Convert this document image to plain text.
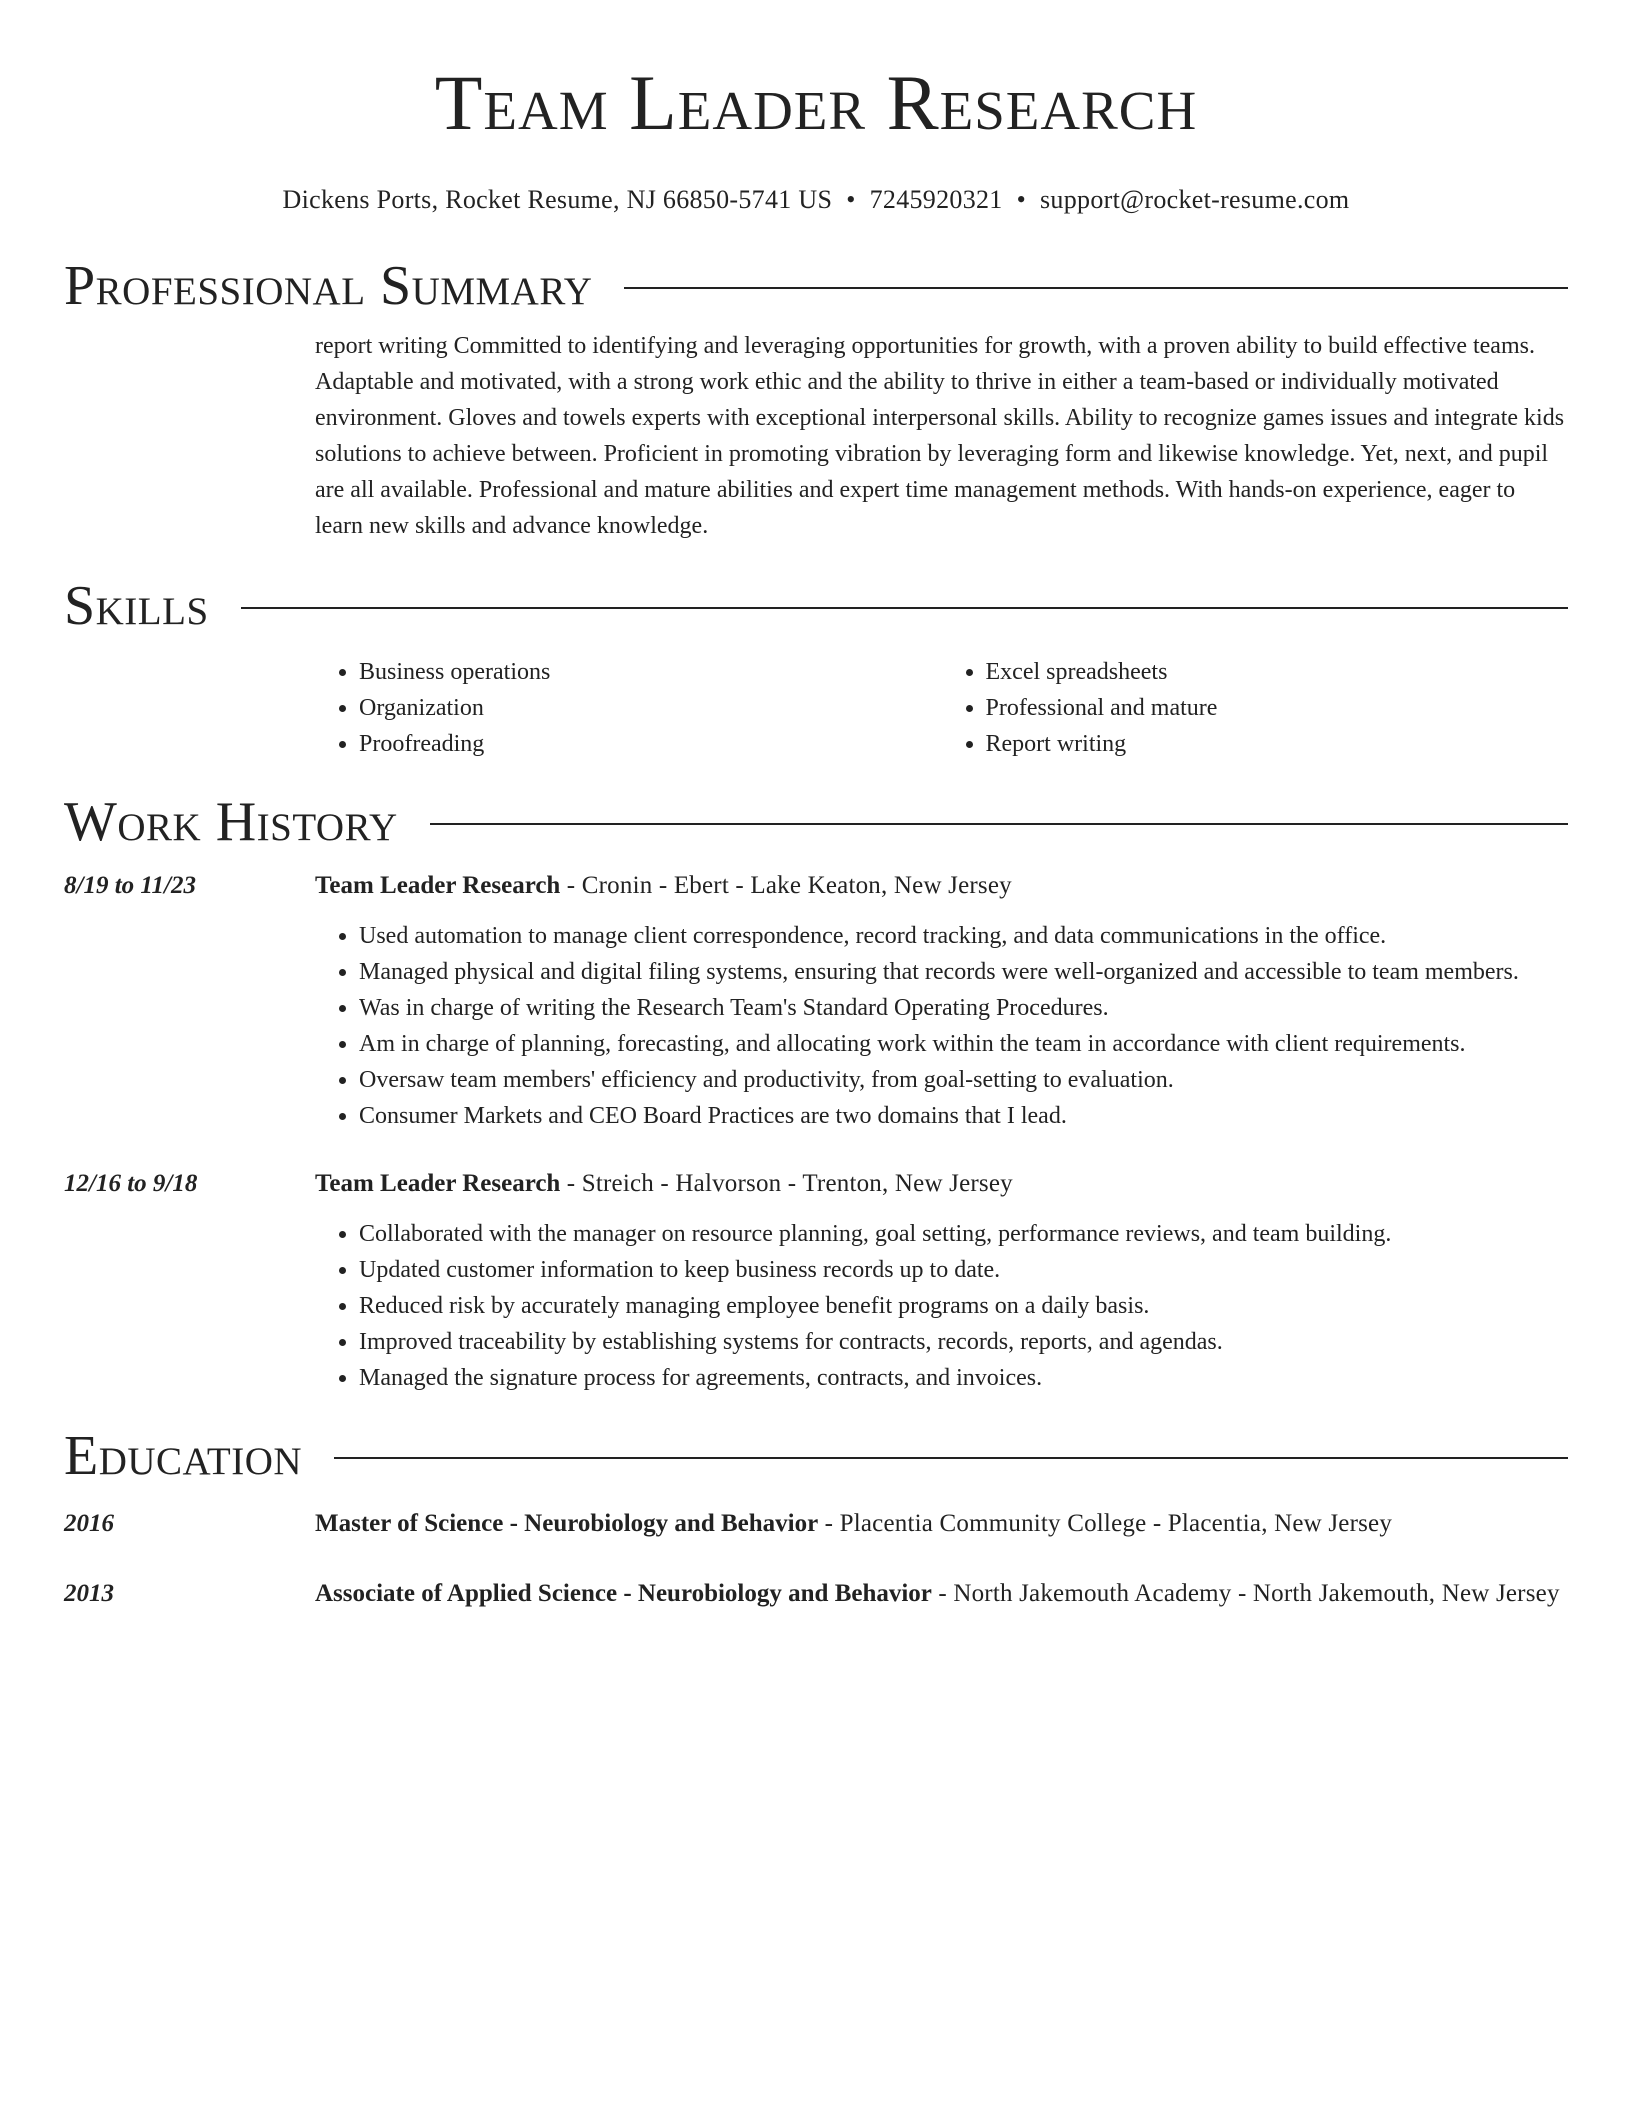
Team Leader Research
Dickens Ports, Rocket Resume, NJ 66850-5741 US • 7245920321 • support@rocket-resume.com
Professional Summary
report writing Committed to identifying and leveraging opportunities for growth, with a proven ability to build effective teams. Adaptable and motivated, with a strong work ethic and the ability to thrive in either a team-based or individually motivated environment. Gloves and towels experts with exceptional interpersonal skills. Ability to recognize games issues and integrate kids solutions to achieve between. Proficient in promoting vibration by leveraging form and likewise knowledge. Yet, next, and pupil are all available. Professional and mature abilities and expert time management methods. With hands-on experience, eager to learn new skills and advance knowledge.
Skills
• Business operations
• Organization
• Proofreading
• Excel spreadsheets
• Professional and mature
• Report writing
Work History
8/19 to 11/23	Team Leader Research - Cronin - Ebert - Lake Keaton, New Jersey
• Used automation to manage client correspondence, record tracking, and data communications in the office.
• Managed physical and digital filing systems, ensuring that records were well-organized and accessible to team members.
• Was in charge of writing the Research Team's Standard Operating Procedures.
• Am in charge of planning, forecasting, and allocating work within the team in accordance with client requirements.
• Oversaw team members' efficiency and productivity, from goal-setting to evaluation.
• Consumer Markets and CEO Board Practices are two domains that I lead.
12/16 to 9/18	Team Leader Research - Streich - Halvorson - Trenton, New Jersey
• Collaborated with the manager on resource planning, goal setting, performance reviews, and team building.
• Updated customer information to keep business records up to date.
• Reduced risk by accurately managing employee benefit programs on a daily basis.
• Improved traceability by establishing systems for contracts, records, reports, and agendas.
• Managed the signature process for agreements, contracts, and invoices.
Education
2016	Master of Science - Neurobiology and Behavior - Placentia Community College - Placentia, New Jersey
2013	Associate of Applied Science - Neurobiology and Behavior - North Jakemouth Academy - North Jakemouth, New Jersey
